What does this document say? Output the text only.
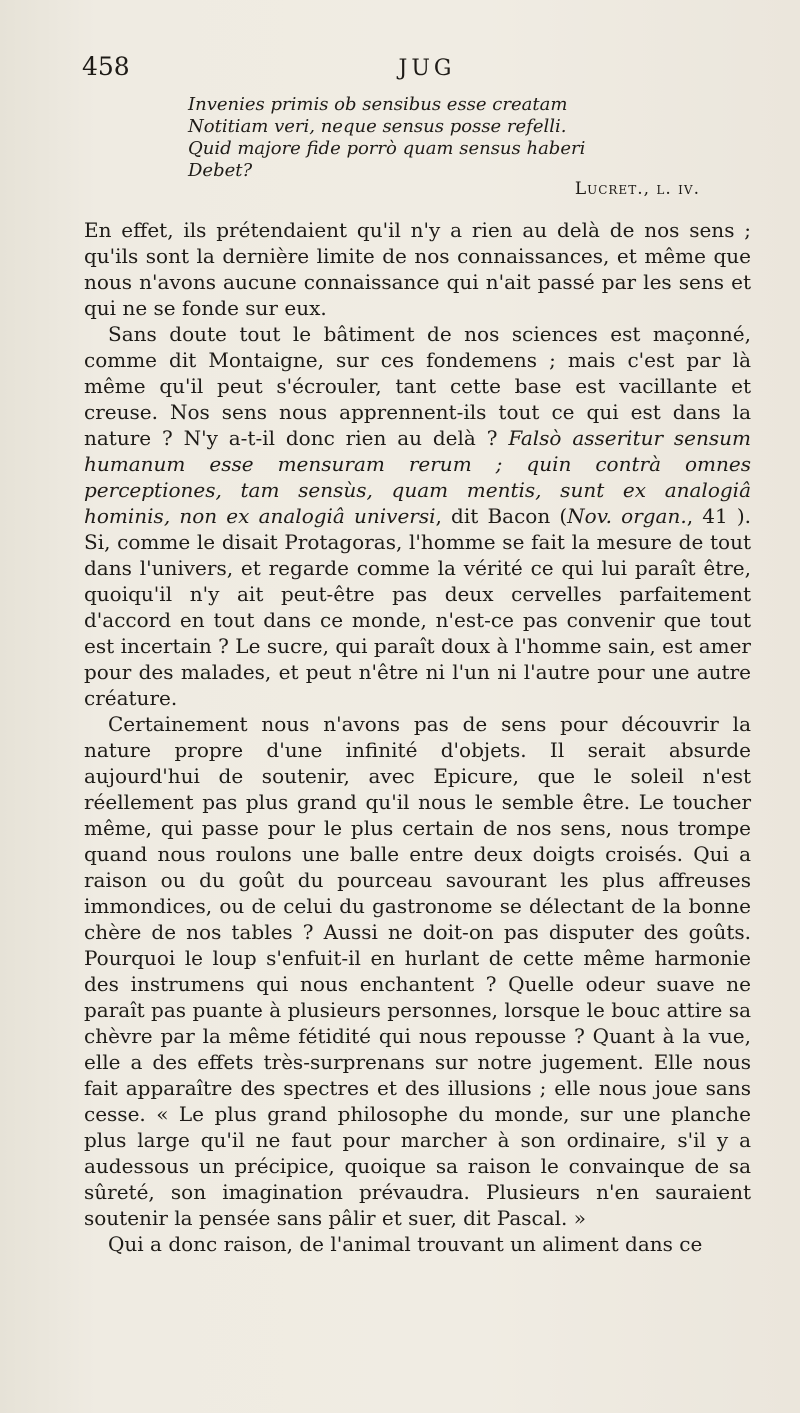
458	JUG
Invenies primis ob sensibus esse creatam
Notitiam veri, neque sensus posse refelli.
Quid majore fide porrò quam sensus haberi
Debet?
Lucret., l. iv.

En effet, ils prétendaient qu'il n'y a rien au delà de nos sens ; qu'ils sont la dernière limite de nos connaissances, et même que nous n'avons aucune connaissance qui n'ait passé par les sens et qui ne se fonde sur eux.

Sans doute tout le bâtiment de nos sciences est maçonné, comme dit Montaigne, sur ces fondemens ; mais c'est par là même qu'il peut s'écrouler, tant cette base est vacillante et creuse. Nos sens nous apprennent-ils tout ce qui est dans la nature ? N'y a-t-il donc rien au delà ? Falsò asseritur sensum humanum esse mensuram rerum ; quin contrà omnes perceptiones, tam sensùs, quam mentis, sunt ex analogiâ hominis, non ex analogiâ universi, dit Bacon (Nov. organ., 41 ). Si, comme le disait Protagoras, l'homme se fait la mesure de tout dans l'univers, et regarde comme la vérité ce qui lui paraît être, quoiqu'il n'y ait peut-être pas deux cervelles parfaitement d'accord en tout dans ce monde, n'est-ce pas convenir que tout est incertain ? Le sucre, qui paraît doux à l'homme sain, est amer pour des malades, et peut n'être ni l'un ni l'autre pour une autre créature.

Certainement nous n'avons pas de sens pour découvrir la nature propre d'une infinité d'objets. Il serait absurde aujourd'hui de soutenir, avec Epicure, que le soleil n'est réellement pas plus grand qu'il nous le semble être. Le toucher même, qui passe pour le plus certain de nos sens, nous trompe quand nous roulons une balle entre deux doigts croisés. Qui a raison ou du goût du pourceau savourant les plus affreuses immondices, ou de celui du gastronome se délectant de la bonne chère de nos tables ? Aussi ne doit-on pas disputer des goûts. Pourquoi le loup s'enfuit-il en hurlant de cette même harmonie des instrumens qui nous enchantent ? Quelle odeur suave ne paraît pas puante à plusieurs personnes, lorsque le bouc attire sa chèvre par la même fétidité qui nous repousse ? Quant à la vue, elle a des effets très-surprenans sur notre jugement. Elle nous fait apparaître des spectres et des illusions ; elle nous joue sans cesse. « Le plus grand philosophe du monde, sur une planche plus large qu'il ne faut pour marcher à son ordinaire, s'il y a audessous un précipice, quoique sa raison le convainque de sa sûreté, son imagination prévaudra. Plusieurs n'en sauraient soutenir la pensée sans pâlir et suer, dit Pascal. »

Qui a donc raison, de l'animal trouvant un aliment dans ce
